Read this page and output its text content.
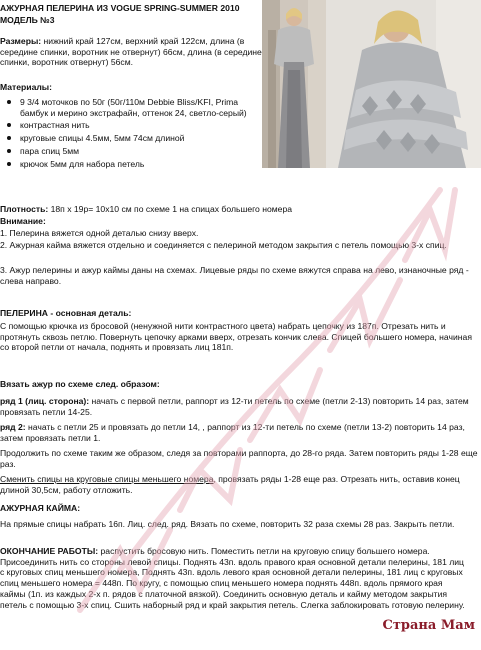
АЖУРНАЯ ПЕЛЕРИНА ИЗ VOGUE SPRING-SUMMER 2010 МОДЕЛЬ №3
Размеры: нижний край 127см, верхний край 122см, длина (в середине спинки, воротник не отвернут) 66см, длина (в середине спинки, воротник отвернут) 56см.
Материалы:
9 3/4 моточков по 50г (50г/110м Debbie Bliss/KFI, Prima бамбук и мерино экстрафайн, оттенок 24, светло-серый)
контрастная нить
круговые спицы 4.5мм, 5мм 74см длиной
пара спиц 5мм
крючок 5мм для набора петель
Плотность: 18п х 19р= 10х10 см по схеме 1 на спицах большего номера
Внимание:
1. Пелерина вяжется одной деталью снизу вверх.
2. Ажурная кайма вяжется отдельно и соединяется с пелериной методом закрытия с петель помощью 3-х спиц.
3. Ажур пелерины и ажур каймы даны на схемах. Лицевые ряды по схеме вяжутся справа на лево, изнаночные ряд - слева направо.
ПЕЛЕРИНА - основная деталь:
С помощью крючка из бросовой (ненужной нити контрастного цвета) набрать цепочку из 187п. Отрезать нить и протянуть сквозь петлю. Повернуть цепочку арками вверх, отрезать кончик слева. Спицей большего номера, начиная со второй петли от начала, поднять и провязать лиц 181п.
Вязать ажур по схеме след. образом:
ряд 1 (лиц. сторона): начать с первой петли, раппорт из 12-ти петель по схеме (петли 2-13) повторить 14 раз, затем провязать петли 14-25.
ряд 2: начать с петли 25 и провязать до петли 14, , раппорт из 12-ти петель по схеме (петли 13-2) повторить 14 раз, затем провязать петли 1.
Продолжить по схеме таким же образом, следя за повторами раппорта, до 28-го ряда. Затем повторить ряды 1-28 еще раз.
Сменить спицы на круговые спицы меньшего номера, провязать ряды 1-28 еще раз. Отрезать нить, оставив конец длиной 30,5см, работу отложить.
АЖУРНАЯ КАЙМА:
На прямые спицы набрать 16п. Лиц. след. ряд. Вязать по схеме, повторить 32 раза схемы 28 раз. Закрыть петли.
ОКОНЧАНИЕ РАБОТЫ: распустить бросовую нить. Поместить петли на круговую спицу большего номера. Присоединить нить со стороны левой спицы. Поднять 43п. вдоль правого края основной детали пелерины, 181 лиц с круговых спиц меньшего номера, Поднять 43п. вдоль левого края основной детали пелерины, 181 лиц с круговых спиц меньшего номера = 448п. По кругу, с помощью спиц меньшего номера поднять 448п. вдоль прямого края каймы (1п. из каждых 2-х п. рядов с платочной вязкой). Соединить основную деталь и кайму методом закрытия петель с помощью 3-х спиц. Сшить наборный ряд и край закрытия петель. Слегка заблокировать готовую пелерину.
Страна Мам
